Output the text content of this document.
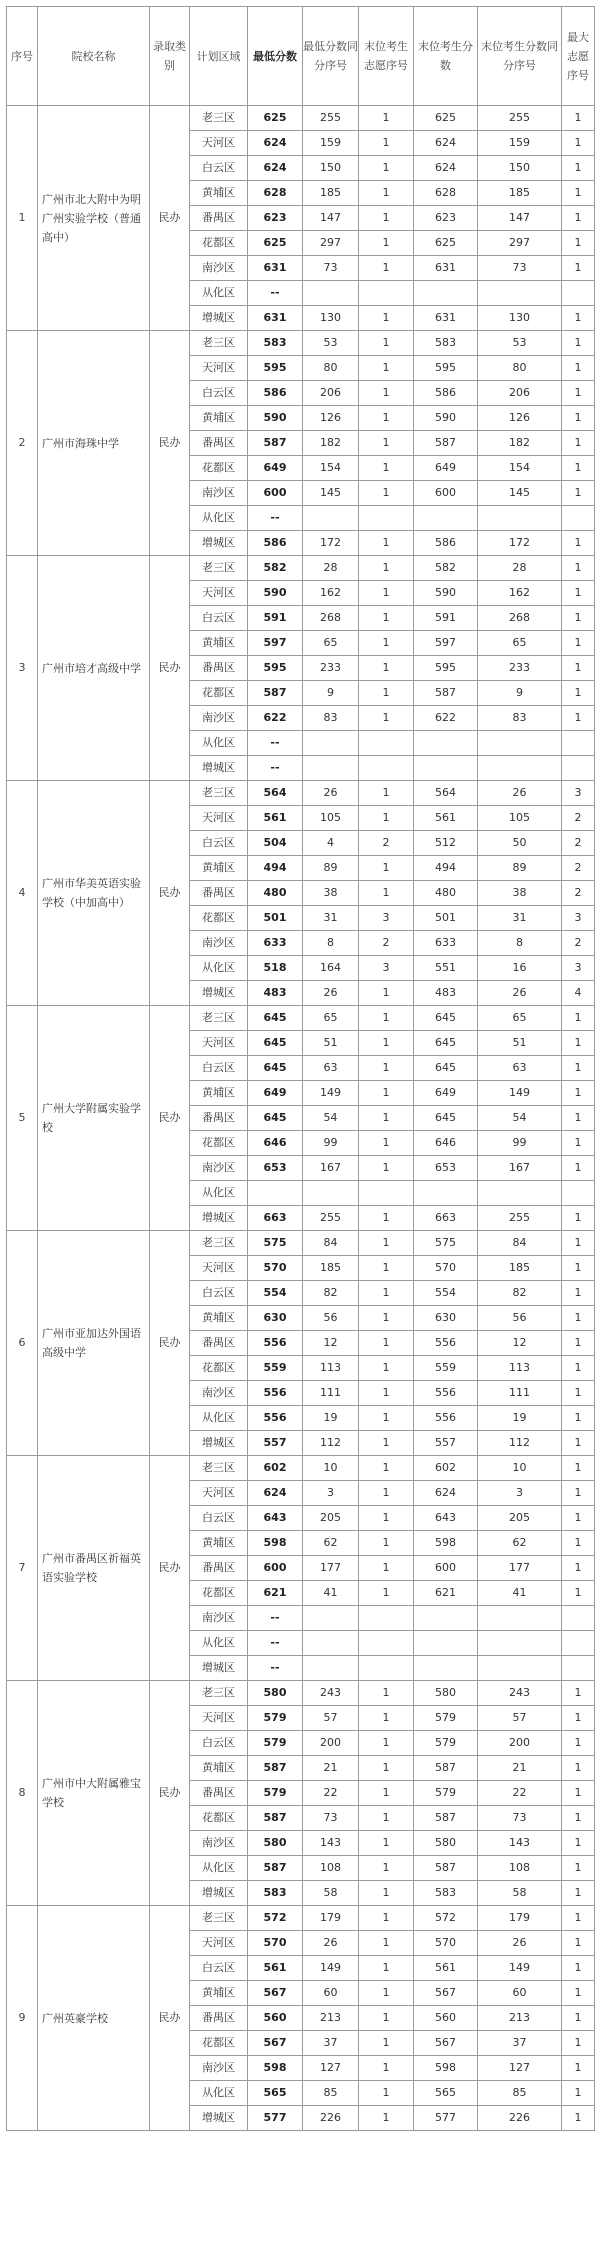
序号	院校名称	录取类别	计划区域	最低分数	最低分数同分序号	末位考生志愿序号	末位考生分数	末位考生分数同分序号	最大志愿序号
1	广州市北大附中为明广州实验学校（普通高中）	民办	老三区	625	255	1	625	255	1
			天河区	624	159	1	624	159	1
			白云区	624	150	1	624	150	1
			黄埔区	628	185	1	628	185	1
			番禺区	623	147	1	623	147	1
			花都区	625	297	1	625	297	1
			南沙区	631	73	1	631	73	1
			从化区	--					
			增城区	631	130	1	631	130	1
2	广州市海珠中学	民办	老三区	583	53	1	583	53	1
			天河区	595	80	1	595	80	1
			白云区	586	206	1	586	206	1
			黄埔区	590	126	1	590	126	1
			番禺区	587	182	1	587	182	1
			花都区	649	154	1	649	154	1
			南沙区	600	145	1	600	145	1
			从化区	--					
			增城区	586	172	1	586	172	1
3	广州市培才高级中学	民办	老三区	582	28	1	582	28	1
			天河区	590	162	1	590	162	1
			白云区	591	268	1	591	268	1
			黄埔区	597	65	1	597	65	1
			番禺区	595	233	1	595	233	1
			花都区	587	9	1	587	9	1
			南沙区	622	83	1	622	83	1
			从化区	--					
			增城区	--					
4	广州市华美英语实验学校（中加高中）	民办	老三区	564	26	1	564	26	3
			天河区	561	105	1	561	105	2
			白云区	504	4	2	512	50	2
			黄埔区	494	89	1	494	89	2
			番禺区	480	38	1	480	38	2
			花都区	501	31	3	501	31	3
			南沙区	633	8	2	633	8	2
			从化区	518	164	3	551	16	3
			增城区	483	26	1	483	26	4
5	广州大学附属实验学校	民办	老三区	645	65	1	645	65	1
			天河区	645	51	1	645	51	1
			白云区	645	63	1	645	63	1
			黄埔区	649	149	1	649	149	1
			番禺区	645	54	1	645	54	1
			花都区	646	99	1	646	99	1
			南沙区	653	167	1	653	167	1
			从化区						
			增城区	663	255	1	663	255	1
6	广州市亚加达外国语高级中学	民办	老三区	575	84	1	575	84	1
			天河区	570	185	1	570	185	1
			白云区	554	82	1	554	82	1
			黄埔区	630	56	1	630	56	1
			番禺区	556	12	1	556	12	1
			花都区	559	113	1	559	113	1
			南沙区	556	111	1	556	111	1
			从化区	556	19	1	556	19	1
			增城区	557	112	1	557	112	1
7	广州市番禺区祈福英语实验学校	民办	老三区	602	10	1	602	10	1
			天河区	624	3	1	624	3	1
			白云区	643	205	1	643	205	1
			黄埔区	598	62	1	598	62	1
			番禺区	600	177	1	600	177	1
			花都区	621	41	1	621	41	1
			南沙区	--					
			从化区	--					
			增城区	--					
8	广州市中大附属雅宝学校	民办	老三区	580	243	1	580	243	1
			天河区	579	57	1	579	57	1
			白云区	579	200	1	579	200	1
			黄埔区	587	21	1	587	21	1
			番禺区	579	22	1	579	22	1
			花都区	587	73	1	587	73	1
			南沙区	580	143	1	580	143	1
			从化区	587	108	1	587	108	1
			增城区	583	58	1	583	58	1
9	广州英豪学校	民办	老三区	572	179	1	572	179	1
			天河区	570	26	1	570	26	1
			白云区	561	149	1	561	149	1
			黄埔区	567	60	1	567	60	1
			番禺区	560	213	1	560	213	1
			花都区	567	37	1	567	37	1
			南沙区	598	127	1	598	127	1
			从化区	565	85	1	565	85	1
			增城区	577	226	1	577	226	1
